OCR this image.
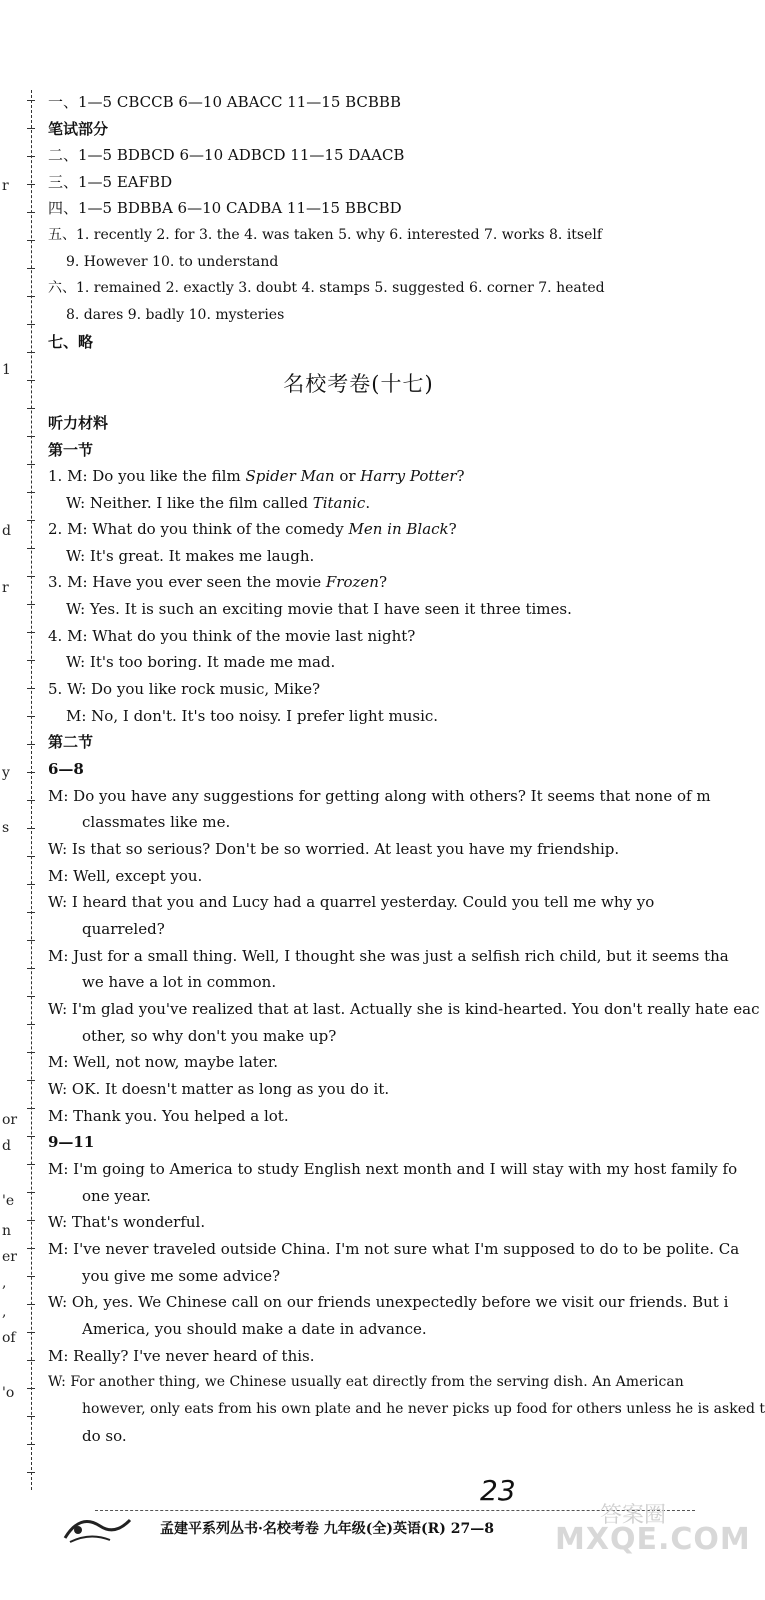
r
1
d
r
y
s
or
d
'e
n
er
,
,
of
'o
一、1—5 CBCCB 6—10 ABACC 11—15 BCBBB
笔试部分
二、1—5 BDBCD 6—10 ADBCD 11—15 DAACB
三、1—5 EAFBD
四、1—5 BDBBA 6—10 CADBA 11—15 BBCBD
五、1. recently 2. for 3. the 4. was taken 5. why 6. interested 7. works 8. itself
9. However 10. to understand
六、1. remained 2. exactly 3. doubt 4. stamps 5. suggested 6. corner 7. heated
8. dares 9. badly 10. mysteries
七、略
名校考卷(十七)
听力材料
第一节
1. M: Do you like the film Spider Man or Harry Potter?
W: Neither. I like the film called Titanic.
2. M: What do you think of the comedy Men in Black?
W: It's great. It makes me laugh.
3. M: Have you ever seen the movie Frozen?
W: Yes. It is such an exciting movie that I have seen it three times.
4. M: What do you think of the movie last night?
W: It's too boring. It made me mad.
5. W: Do you like rock music, Mike?
M: No, I don't. It's too noisy. I prefer light music.
第二节
6—8
M: Do you have any suggestions for getting along with others? It seems that none of m
classmates like me.
W: Is that so serious? Don't be so worried. At least you have my friendship.
M: Well, except you.
W: I heard that you and Lucy had a quarrel yesterday. Could you tell me why yo
quarreled?
M: Just for a small thing. Well, I thought she was just a selfish rich child, but it seems tha
we have a lot in common.
W: I'm glad you've realized that at last. Actually she is kind-hearted. You don't really hate eac
other, so why don't you make up?
M: Well, not now, maybe later.
W: OK. It doesn't matter as long as you do it.
M: Thank you. You helped a lot.
9—11
M: I'm going to America to study English next month and I will stay with my host family fo
one year.
W: That's wonderful.
M: I've never traveled outside China. I'm not sure what I'm supposed to do to be polite. Ca
you give me some advice?
W: Oh, yes. We Chinese call on our friends unexpectedly before we visit our friends. But i
America, you should make a date in advance.
M: Really? I've never heard of this.
W: For another thing, we Chinese usually eat directly from the serving dish. An American
however, only eats from his own plate and he never picks up food for others unless he is asked t
do so.
23
孟建平系列丛书·名校考卷 九年级(全)英语(R) 27—8
答案圈
MXQE.COM
